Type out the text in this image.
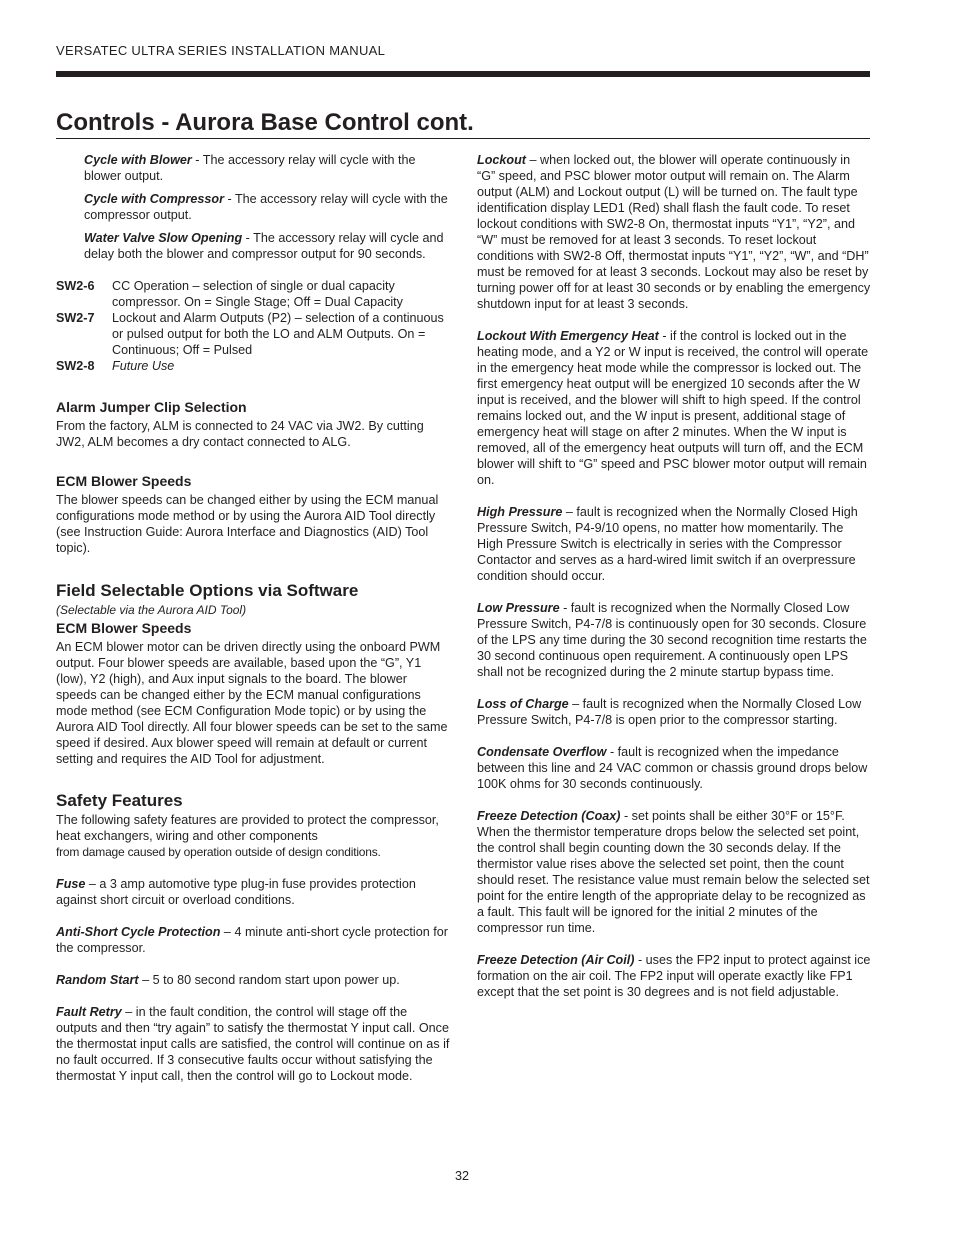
VERSATEC ULTRA SERIES INSTALLATION MANUAL
Controls - Aurora Base Control cont.

Cycle with Blower - The accessory relay will cycle with the blower output.

Cycle with Compressor - The accessory relay will cycle with the compressor output.

Water Valve Slow Opening - The accessory relay will cycle and delay both the blower and compressor output for 90 seconds.

SW2-6	CC Operation – selection of single or dual capacity compressor. On = Single Stage; Off = Dual Capacity
SW2-7	Lockout and Alarm Outputs (P2) – selection of a continuous or pulsed output for both the LO and ALM Outputs. On = Continuous; Off = Pulsed
SW2-8	Future Use

Alarm Jumper Clip Selection

From the factory, ALM is connected to 24 VAC via JW2. By cutting JW2, ALM becomes a dry contact connected to ALG.

ECM Blower Speeds

The blower speeds can be changed either by using the ECM manual configurations mode method or by using the Aurora AID Tool directly (see Instruction Guide: Aurora Interface and Diagnostics (AID) Tool topic).

Field Selectable Options via Software

(Selectable via the Aurora AID Tool)

ECM Blower Speeds

An ECM blower motor can be driven directly using the onboard PWM output. Four blower speeds are available, based upon the “G”, Y1 (low), Y2 (high), and Aux input signals to the board. The blower speeds can be changed either by the ECM manual configurations mode method (see ECM Configuration Mode topic) or by using the Aurora AID Tool directly. All four blower speeds can be set to the same speed if desired. Aux blower speed will remain at default or current setting and requires the AID Tool for adjustment.

Safety Features

The following safety features are provided to protect the compressor, heat exchangers, wiring and other components
from damage caused by operation outside of design conditions.

Fuse – a 3 amp automotive type plug-in fuse provides protection against short circuit or overload conditions.

Anti-Short Cycle Protection – 4 minute anti-short cycle protection for the compressor.

Random Start – 5 to 80 second random start upon power up.

Fault Retry – in the fault condition, the control will stage off the outputs and then “try again” to satisfy the thermostat Y input call. Once the thermostat input calls are satisfied, the control will continue on as if no fault occurred. If 3 consecutive faults occur without satisfying the thermostat Y input call, then the control will go to Lockout mode.

Lockout – when locked out, the blower will operate continuously in “G” speed, and PSC blower motor output will remain on. The Alarm output (ALM) and Lockout output (L) will be turned on. The fault type identification display LED1 (Red) shall flash the fault code. To reset lockout conditions with SW2-8 On, thermostat inputs “Y1”, “Y2”, and “W” must be removed for at least 3 seconds. To reset lockout conditions with SW2-8 Off, thermostat inputs “Y1”, “Y2”, “W”, and “DH” must be removed for at least 3 seconds. Lockout may also be reset by turning power off for at least 30 seconds or by enabling the emergency shutdown input for at least 3 seconds.

Lockout With Emergency Heat - if the control is locked out in the heating mode, and a Y2 or W input is received, the control will operate in the emergency heat mode while the compressor is locked out. The first emergency heat output will be energized 10 seconds after the W input is received, and the blower will shift to high speed. If the control remains locked out, and the W input is present, additional stage of emergency heat will stage on after 2 minutes. When the W input is removed, all of the emergency heat outputs will turn off, and the ECM blower will shift to “G” speed and PSC blower motor output will remain on.

High Pressure – fault is recognized when the Normally Closed High Pressure Switch, P4-9/10 opens, no matter how momentarily. The High Pressure Switch is electrically in series with the Compressor Contactor and serves as a hard-wired limit switch if an overpressure condition should occur.

Low Pressure - fault is recognized when the Normally Closed Low Pressure Switch, P4-7/8 is continuously open for 30 seconds. Closure of the LPS any time during the 30 second recognition time restarts the 30 second continuous open requirement. A continuously open LPS shall not be recognized during the 2 minute startup bypass time.

Loss of Charge – fault is recognized when the Normally Closed Low Pressure Switch, P4-7/8 is open prior to the compressor starting.

Condensate Overflow - fault is recognized when the impedance between this line and 24 VAC common or chassis ground drops below 100K ohms for 30 seconds continuously.

Freeze Detection (Coax) - set points shall be either 30°F or 15°F. When the thermistor temperature drops below the selected set point, the control shall begin counting down the 30 seconds delay. If the thermistor value rises above the selected set point, then the count should reset. The resistance value must remain below the selected set point for the entire length of the appropriate delay to be recognized as a fault. This fault will be ignored for the initial 2 minutes of the compressor run time.

Freeze Detection (Air Coil) - uses the FP2 input to protect against ice formation on the air coil. The FP2 input will operate exactly like FP1 except that the set point is 30 degrees and is not field adjustable.

32
